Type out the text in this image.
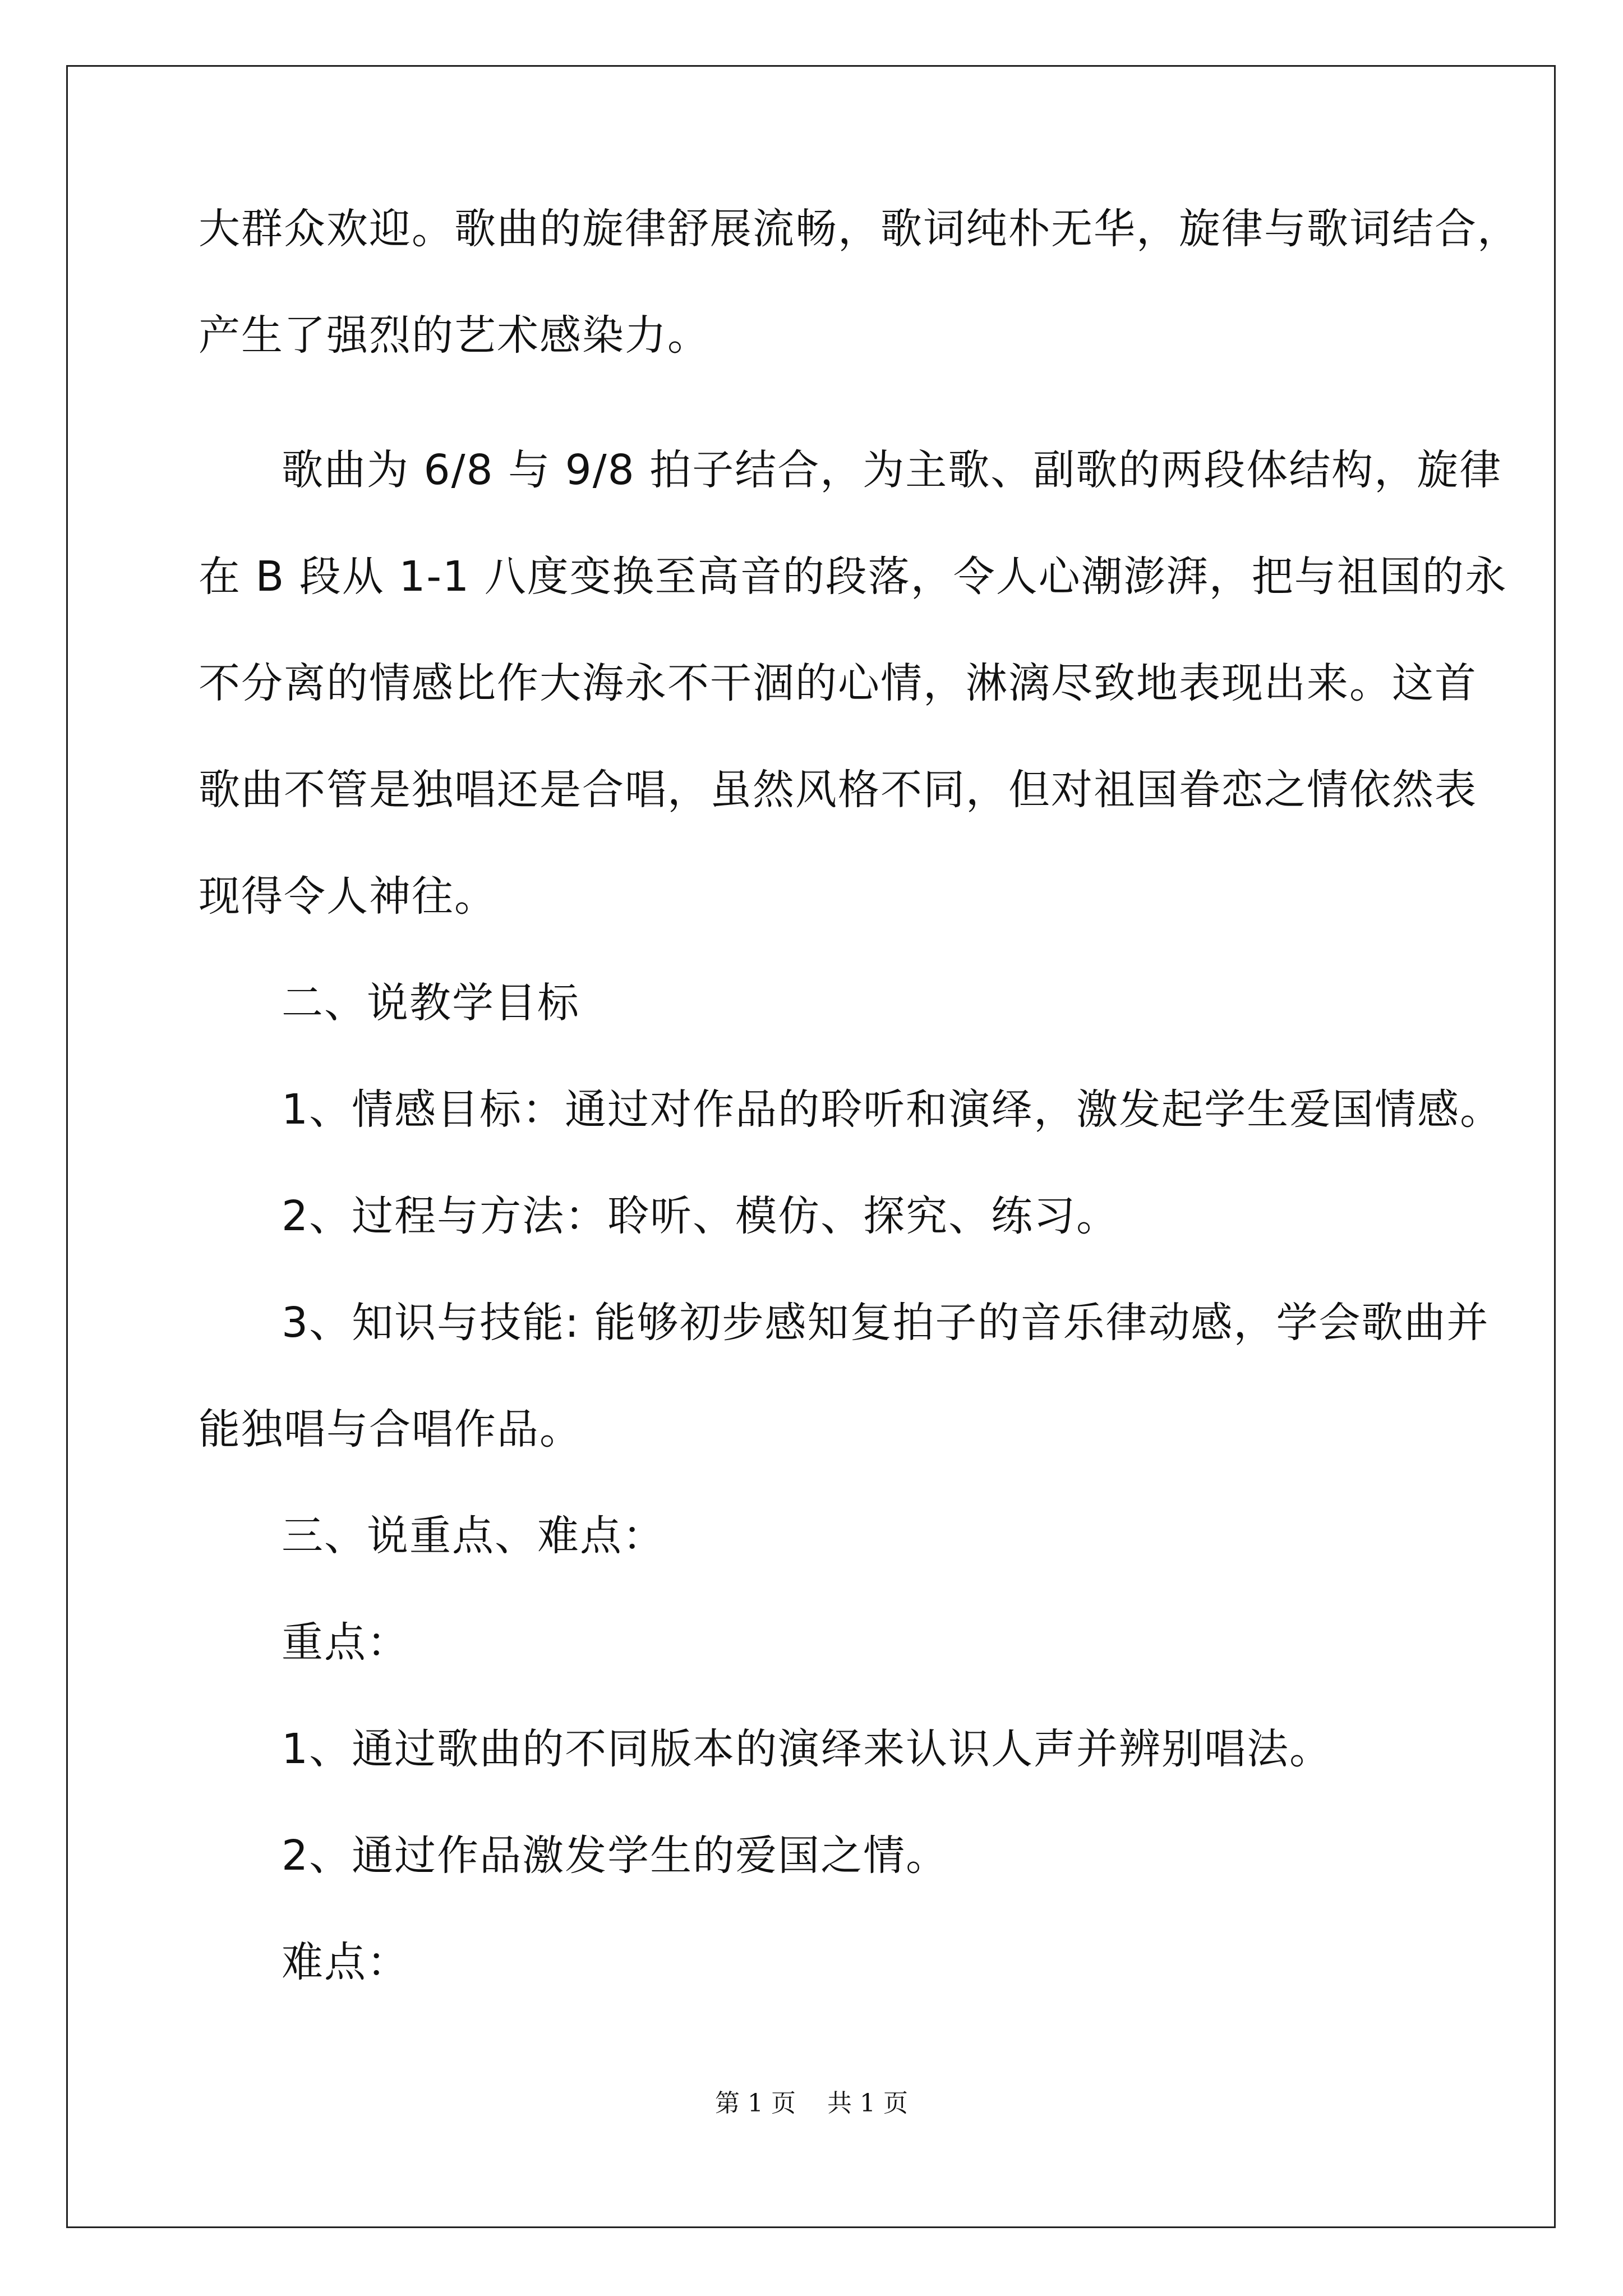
大群众欢迎。歌曲的旋律舒展流畅，歌词纯朴无华，旋律与歌词结合，
产生了强烈的艺术感染力。
歌曲为 6/8 与 9/8 拍子结合，为主歌、副歌的两段体结构，旋律
在 B 段从 1-1 八度变换至高音的段落，令人心潮澎湃，把与祖国的永
不分离的情感比作大海永不干涸的心情，淋漓尽致地表现出来。这首
歌曲不管是独唱还是合唱，虽然风格不同，但对祖国眷恋之情依然表
现得令人神往。
二、说教学目标
1、情感目标：通过对作品的聆听和演绎，激发起学生爱国情感。
2、过程与方法：聆听、模仿、探究、练习。
3、知识与技能: 能够初步感知复拍子的音乐律动感，学会歌曲并
能独唱与合唱作品。
三、说重点、难点：
重点：
1、通过歌曲的不同版本的演绎来认识人声并辨别唱法。
2、通过作品激发学生的爱国之情。
难点：
第 1 页 共 1 页
